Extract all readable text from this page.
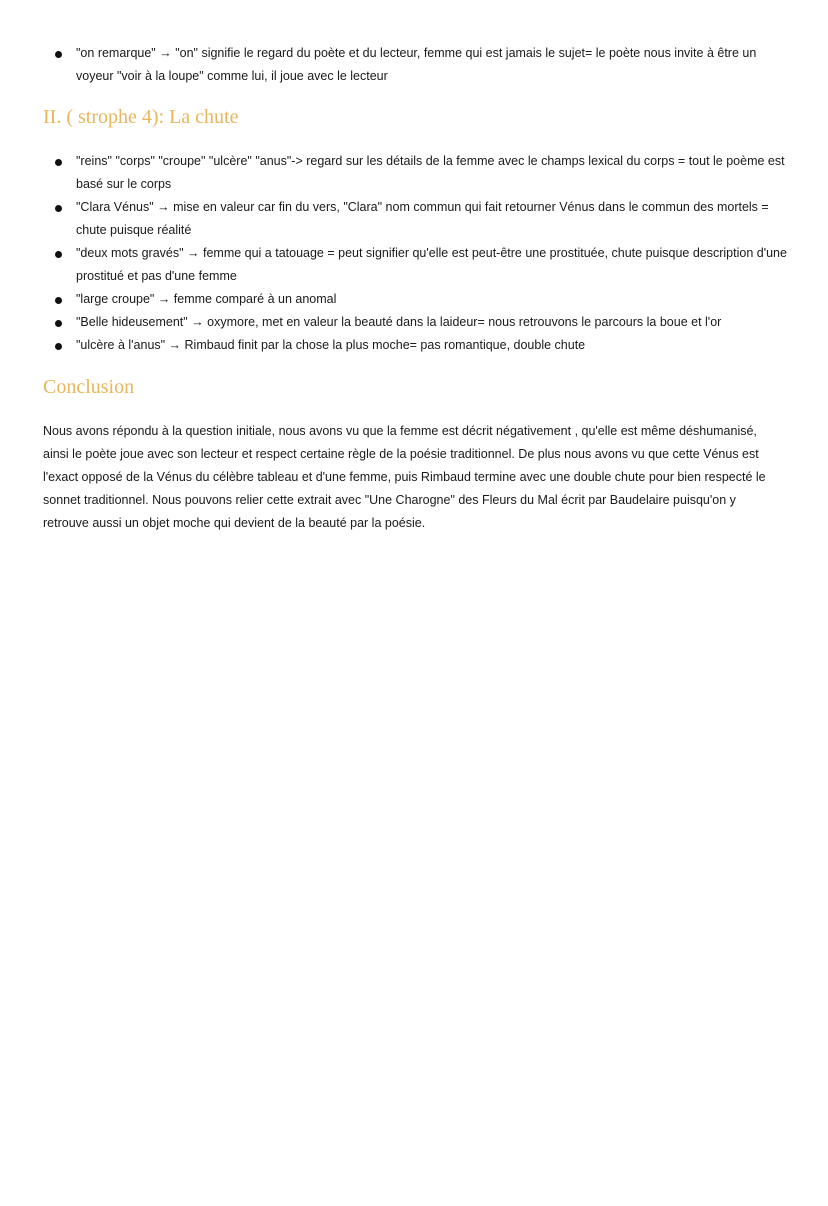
"on remarque" → "on" signifie le regard du poète et du lecteur, femme qui est jamais le sujet= le poète nous invite à être un voyeur "voir à la loupe" comme lui, il joue avec le lecteur
II. ( strophe 4): La chute
"reins" "corps" "croupe" "ulcère" "anus"-> regard sur les détails de la femme avec le champs lexical du corps = tout le poème est basé sur le corps
"Clara Vénus" → mise en valeur car fin du vers, "Clara" nom commun qui fait retourner Vénus dans le commun des mortels = chute puisque réalité
"deux mots gravés" → femme qui a tatouage = peut signifier qu'elle est peut-être une prostituée, chute puisque description d'une prostitué et pas d'une femme
"large croupe" → femme comparé à un anomal
"Belle hideusement" → oxymore, met en valeur la beauté dans la laideur= nous retrouvons le parcours la boue et l'or
"ulcère à l'anus" → Rimbaud finit par la chose la plus moche= pas romantique, double chute
Conclusion

Nous avons répondu à la question initiale, nous avons vu que la femme est décrit négativement , qu'elle est même déshumanisé, ainsi le poète joue avec son lecteur et respect certaine règle de la poésie traditionnel. De plus nous avons vu que cette Vénus est l'exact opposé de la Vénus du célèbre tableau et d'une femme, puis Rimbaud termine avec une double chute pour bien respecté le sonnet traditionnel. Nous pouvons relier cette extrait avec "Une Charogne" des Fleurs du Mal écrit par Baudelaire puisqu'on y retrouve aussi un objet moche qui devient de la beauté par la poésie.
